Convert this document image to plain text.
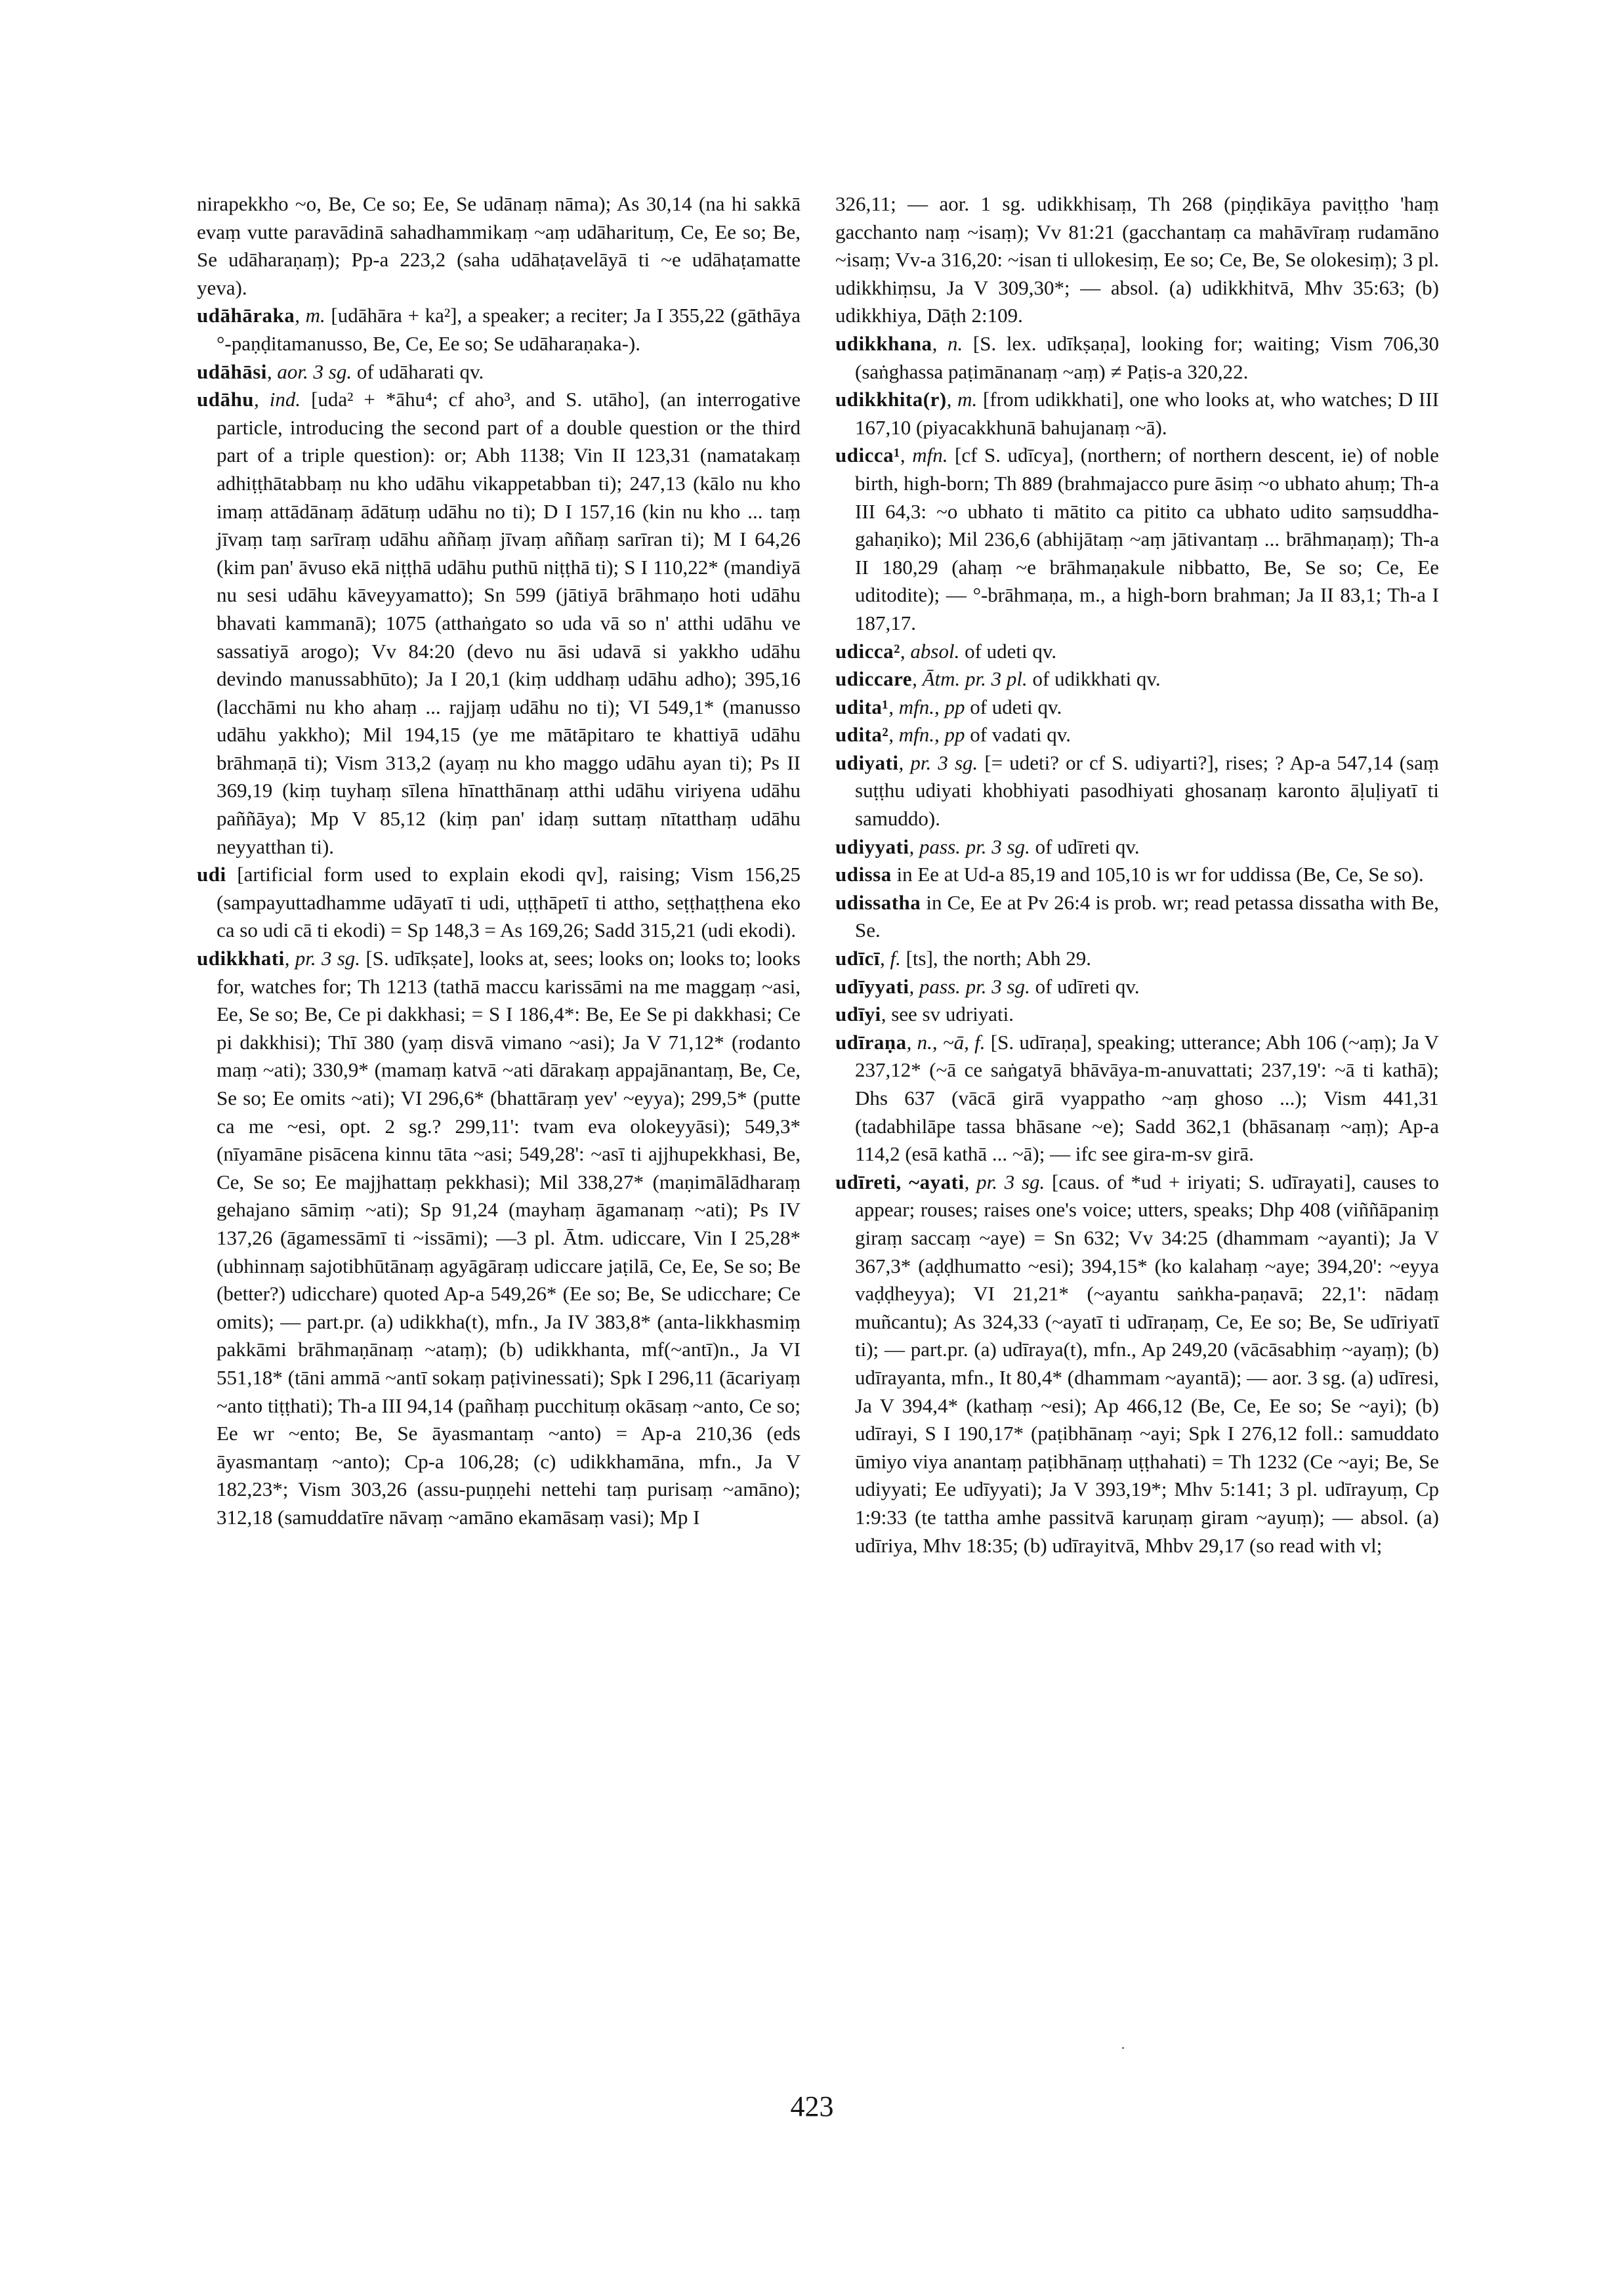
nirapekkho ~o, Be, Ce so; Ee, Se udānaṃ nāma); As 30,14 (na hi sakkā evaṃ vutte paravādinā sahadhammikaṃ ~aṃ udāharituṃ, Ce, Ee so; Be, Se udāharaṇaṃ); Pp-a 223,2 (saha udāhaṭavelāyā ti ~e udāhaṭamatte yeva).

udāhāraka, m. [udāhāra + ka²], a speaker; a reciter; Ja I 355,22 (gāthāya °-paṇḍitamanusso, Be, Ce, Ee so; Se udāharaṇaka-).

udāhāsi, aor. 3 sg. of udāharati qv.

udāhu, ind. [uda² + *āhu⁴; cf aho³, and S. utāho], (an interrogative particle, introducing the second part of a double question or the third part of a triple question): or; Abh 1138; Vin II 123,31 (namatakaṃ adhiṭṭhātabbaṃ nu kho udāhu vikappetabban ti); 247,13 (kālo nu kho imaṃ attādānaṃ ādātuṃ udāhu no ti); D I 157,16 (kin nu kho ... taṃ jīvaṃ taṃ sarīraṃ udāhu aññaṃ jīvaṃ aññaṃ sarīran ti); M I 64,26 (kim pan' āvuso ekā niṭṭhā udāhu puthū niṭṭhā ti); S I 110,22* (mandiyā nu sesi udāhu kāveyyamatto); Sn 599 (jātiyā brāhmaṇo hoti udāhu bhavati kammanā); 1075 (atthaṅgato so uda vā so n' atthi udāhu ve sassatiyā arogo); Vv 84:20 (devo nu āsi udavā si yakkho udāhu devindo manussabhūto); Ja I 20,1 (kiṃ uddhaṃ udāhu adho); 395,16 (lacchāmi nu kho ahaṃ ... rajjaṃ udāhu no ti); VI 549,1* (manusso udāhu yakkho); Mil 194,15 (ye me mātāpitaro te khattiyā udāhu brāhmaṇā ti); Vism 313,2 (ayaṃ nu kho maggo udāhu ayan ti); Ps II 369,19 (kiṃ tuyhaṃ sīlena hīnatthānaṃ atthi udāhu viriyena udāhu paññāya); Mp V 85,12 (kiṃ pan' idaṃ suttaṃ nītatthaṃ udāhu neyyatthan ti).

udi [artificial form used to explain ekodi qv], raising; Vism 156,25 (sampayuttadhamme udāyatī ti udi, uṭṭhāpetī ti attho, seṭṭhaṭṭhena eko ca so udi cā ti ekodi) = Sp 148,3 = As 169,26; Sadd 315,21 (udi ekodi).

udikkhati, pr. 3 sg. [S. udīkṣate], looks at, sees; looks on; looks to; looks for, watches for; Th 1213 (tathā maccu karissāmi na me maggaṃ ~asi, Ee, Se so; Be, Ce pi dakkhasi; = S I 186,4*: Be, Ee Se pi dakkhasi; Ce pi dakkhisi); Thī 380 (yaṃ disvā vimano ~asi); Ja V 71,12* (rodanto maṃ ~ati); 330,9* (mamaṃ katvā ~ati dārakaṃ appajānantaṃ, Be, Ce, Se so; Ee omits ~ati); VI 296,6* (bhattāraṃ yev' ~eyya); 299,5* (putte ca me ~esi, opt. 2 sg.? 299,11': tvam eva olokeyyāsi); 549,3* (nīyamāne pisācena kinnu tāta ~asi; 549,28': ~asī ti ajjhupekkhasi, Be, Ce, Se so; Ee majjhattaṃ pekkhasi); Mil 338,27* (maṇimālādharaṃ gehajano sāmiṃ ~ati); Sp 91,24 (mayhaṃ āgamanaṃ ~ati); Ps IV 137,26 (āgamessāmī ti ~issāmi); —3 pl. Ātm. udiccare, Vin I 25,28* (ubhinnaṃ sajotibhūtānaṃ agyāgāraṃ udiccare jaṭilā, Ce, Ee, Se so; Be (better?) udicchare) quoted Ap-a 549,26* (Ee so; Be, Se udicchare; Ce omits); — part.pr. (a) udikkha(t), mfn., Ja IV 383,8* (anta-likkhasmiṃ pakkāmi brāhmaṇānaṃ ~ataṃ); (b) udikkhanta, mf(~antī)n., Ja VI 551,18* (tāni ammā ~antī sokaṃ paṭivinessati); Spk I 296,11 (ācariyaṃ ~anto tiṭṭhati); Th-a III 94,14 (pañhaṃ pucchituṃ okāsaṃ ~anto, Ce so; Ee wr ~ento; Be, Se āyasmantaṃ ~anto) = Ap-a 210,36 (eds āyasmantaṃ ~anto); Cp-a 106,28; (c) udikkhamāna, mfn., Ja V 182,23*; Vism 303,26 (assu-puṇṇehi nettehi taṃ purisaṃ ~amāno); 312,18 (samuddatīre nāvaṃ ~amāno ekamāsaṃ vasi); Mp I

326,11; — aor. 1 sg. udikkhisaṃ, Th 268 (piṇḍikāya paviṭṭho 'haṃ gacchanto naṃ ~isaṃ); Vv 81:21 (gacchantaṃ ca mahāvīraṃ rudamāno ~isaṃ; Vv-a 316,20: ~isan ti ullokesiṃ, Ee so; Ce, Be, Se olokesiṃ); 3 pl. udikkhiṃsu, Ja V 309,30*; — absol. (a) udikkhitvā, Mhv 35:63; (b) udikkhiya, Dāṭh 2:109.

udikkhana, n. [S. lex. udīkṣaṇa], looking for; waiting; Vism 706,30 (saṅghassa paṭimānanaṃ ~aṃ) ≠ Paṭis-a 320,22.

udikkhita(r), m. [from udikkhati], one who looks at, who watches; D III 167,10 (piyacakkhunā bahujanaṃ ~ā).

udicca¹, mfn. [cf S. udīcya], (northern; of northern descent, ie) of noble birth, high-born; Th 889 (brahmajacco pure āsiṃ ~o ubhato ahuṃ; Th-a III 64,3: ~o ubhato ti mātito ca pitito ca ubhato udito saṃsuddha-gahaṇiko); Mil 236,6 (abhijātaṃ ~aṃ jātivantaṃ ... brāhmaṇaṃ); Th-a II 180,29 (ahaṃ ~e brāhmaṇakule nibbatto, Be, Se so; Ce, Ee uditodite); — °-brāhmaṇa, m., a high-born brahman; Ja II 83,1; Th-a I 187,17.

udicca², absol. of udeti qv.

udiccare, Ātm. pr. 3 pl. of udikkhati qv.

udita¹, mfn., pp of udeti qv.

udita², mfn., pp of vadati qv.

udiyati, pr. 3 sg. [= udeti? or cf S. udiyarti?], rises; ? Ap-a 547,14 (saṃ suṭṭhu udiyati khobhiyati pasodhiyati ghosanaṃ karonto āḷuḷiyatī ti samuddo).

udiyyati, pass. pr. 3 sg. of udīreti qv.

udissa in Ee at Ud-a 85,19 and 105,10 is wr for uddissa (Be, Ce, Se so).

udissatha in Ce, Ee at Pv 26:4 is prob. wr; read petassa dissatha with Be, Se.

udīcī, f. [ts], the north; Abh 29.

udīyyati, pass. pr. 3 sg. of udīreti qv.

udīyi, see sv udriyati.

udīraṇa, n., ~ā, f. [S. udīraṇa], speaking; utterance; Abh 106 (~aṃ); Ja V 237,12* (~ā ce saṅgatyā bhāvāya-m-anuvattati; 237,19': ~ā ti kathā); Dhs 637 (vācā girā vyappatho ~aṃ ghoso ...); Vism 441,31 (tadabhilāpe tassa bhāsane ~e); Sadd 362,1 (bhāsanaṃ ~aṃ); Ap-a 114,2 (esā kathā ... ~ā); — ifc see gira-m-sv girā.

udīreti, ~ayati, pr. 3 sg. [caus. of *ud + iriyati; S. udīrayati], causes to appear; rouses; raises one's voice; utters, speaks; Dhp 408 (viññāpaniṃ giraṃ saccaṃ ~aye) = Sn 632; Vv 34:25 (dhammam ~ayanti); Ja V 367,3* (aḍḍhumatto ~esi); 394,15* (ko kalahaṃ ~aye; 394,20': ~eyya vaḍḍheyya); VI 21,21* (~ayantu saṅkha-paṇavā; 22,1': nādaṃ muñcantu); As 324,33 (~ayatī ti udīraṇaṃ, Ce, Ee so; Be, Se udīriyatī ti); — part.pr. (a) udīraya(t), mfn., Ap 249,20 (vācāsabhiṃ ~ayaṃ); (b) udīrayanta, mfn., It 80,4* (dhammam ~ayantā); — aor. 3 sg. (a) udīresi, Ja V 394,4* (kathaṃ ~esi); Ap 466,12 (Be, Ce, Ee so; Se ~ayi); (b) udīrayi, S I 190,17* (paṭibhānaṃ ~ayi; Spk I 276,12 foll.: samuddato ūmiyo viya anantaṃ paṭibhānaṃ uṭṭhahati) = Th 1232 (Ce ~ayi; Be, Se udiyyati; Ee udīyyati); Ja V 393,19*; Mhv 5:141; 3 pl. udīrayuṃ, Cp 1:9:33 (te tattha amhe passitvā karuṇaṃ giram ~ayuṃ); — absol. (a) udīriya, Mhv 18:35; (b) udīrayitvā, Mhbv 29,17 (so read with vl;

423
